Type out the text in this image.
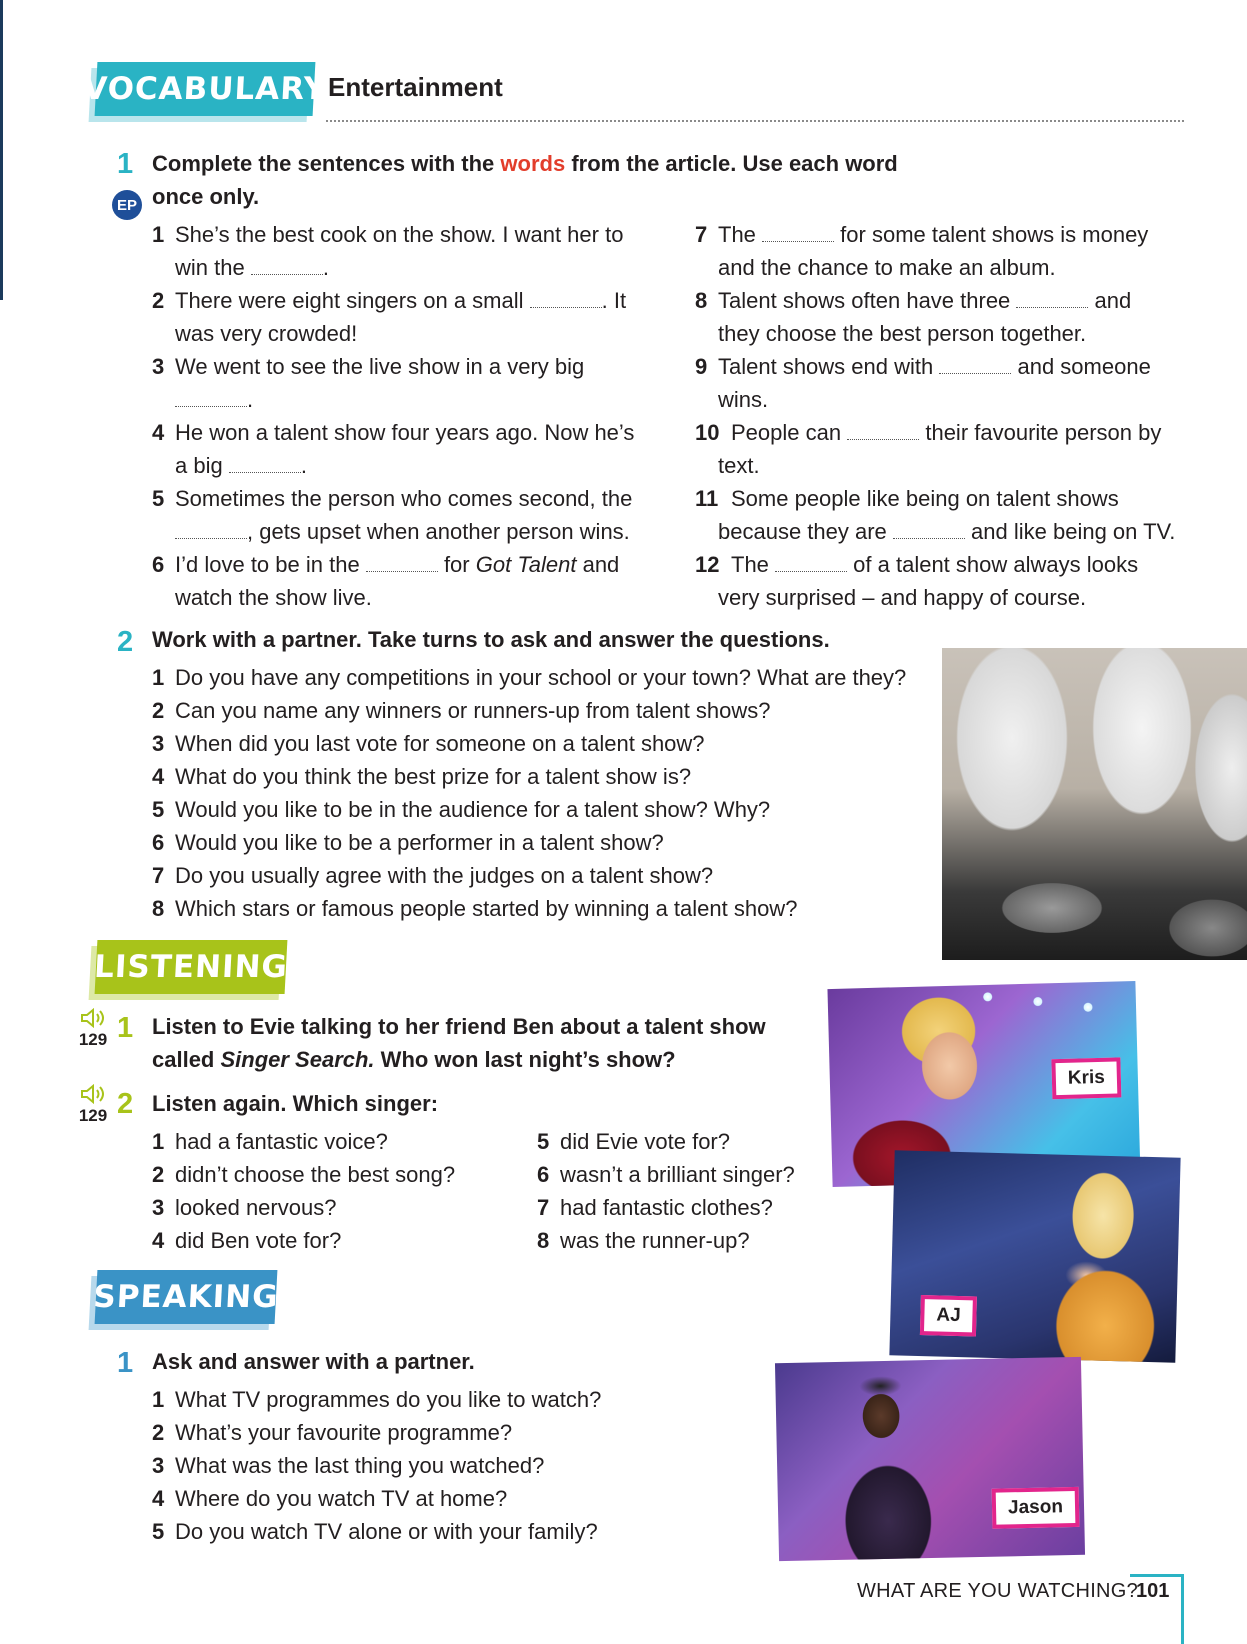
VOCABULARY Entertainment
1
EP
Complete the sentences with the words from the article. Use each word
once only.
1 She’s the best cook on the show. I want her to
win the	.
2 There were eight singers on a small	. It
was very crowded!
3 We went to see the live show in a very big
.
4 He won a talent show four years ago. Now he’s
a big	.
5 Sometimes the person who comes second, the
, gets upset when another person wins.
6 I’d love to be in the	for Got Talent and
watch the show live.
7 The	for some talent shows is money
and the chance to make an album.
8 Talent shows often have three	and
they choose the best person together.
9 Talent shows end with	and someone
wins.
10 People can	their favourite person by
text.
11 Some people like being on talent shows
because they are	and like being on TV.
12 The	of a talent show always looks
very surprised – and happy of course.
2 Work with a partner. Take turns to ask and answer the questions.
1 Do you have any competitions in your school or your town? What are they?
2 Can you name any winners or runners-up from talent shows?
3 When did you last vote for someone on a talent show?
4 What do you think the best prize for a talent show is?
5 Would you like to be in the audience for a talent show? Why?
6 Would you like to be a performer in a talent show?
7 Do you usually agree with the judges on a talent show?
8 Which stars or famous people started by winning a talent show?
LISTENING
129 1 Listen to Evie talking to her friend Ben about a talent show
called Singer Search. Who won last night’s show?
129 2 Listen again. Which singer:
1 had a fantastic voice?
2 didn’t choose the best song?
3 looked nervous?
4 did Ben vote for?
5 did Evie vote for?
6 wasn’t a brilliant singer?
7 had fantastic clothes?
8 was the runner-up?
SPEAKING
1 Ask and answer with a partner.
1 What TV programmes do you like to watch?
2 What’s your favourite programme?
3 What was the last thing you watched?
4 Where do you watch TV at home?
5 Do you watch TV alone or with your family?
Kris
AJ
Jason
WHAT ARE YOU WATCHING?
101
